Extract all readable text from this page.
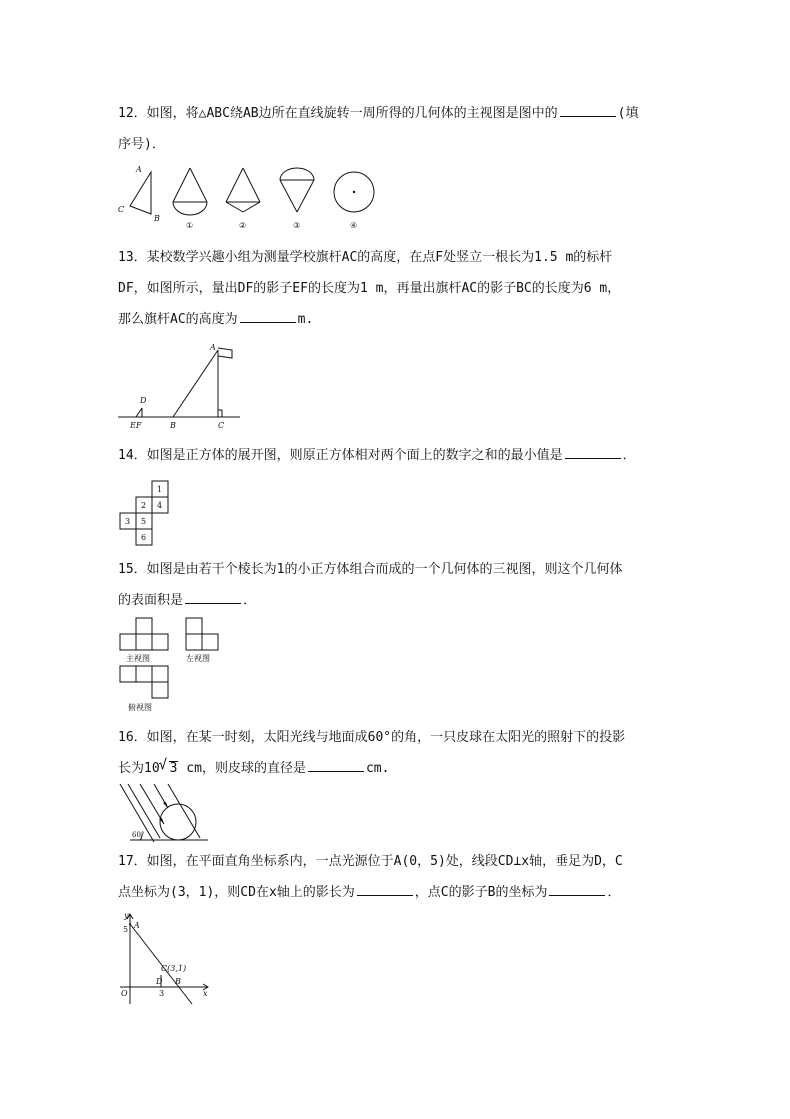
12．如图，将△ABC绕AB边所在直线旋转一周所得的几何体的主视图是图中的	(填

序号)．

A
B
C
①	②	③	④

13．某校数学兴趣小组为测量学校旗杆AC的高度，在点F处竖立一根长为1.5 m的标杆

DF，如图所示，量出DF的影子EF的长度为1 m，再量出旗杆AC的影子BC的长度为6 m，

那么旗杆AC的高度为	m.

A
D
EF	B	C

14．如图是正方体的展开图，则原正方体相对两个面上的数字之和的最小值是	．

1
2 4
3 5
6

15．如图是由若干个棱长为1的小正方体组合而成的一个几何体的三视图，则这个几何体

的表面积是	．

主视图	左视图
俯视图

16．如图，在某一时刻，太阳光线与地面成60°的角，一只皮球在太阳光的照射下的投影

长为10√ 3 cm，则皮球的直径是	cm.

60°

17．如图，在平面直角坐标系内，一点光源位于A(0，5)处，线段CD⊥x轴，垂足为D，C

点坐标为(3，1)，则CD在x轴上的影长为	，点C的影子B的坐标为	．

y
5 A
C(3,1)
O
D
3
B
x
